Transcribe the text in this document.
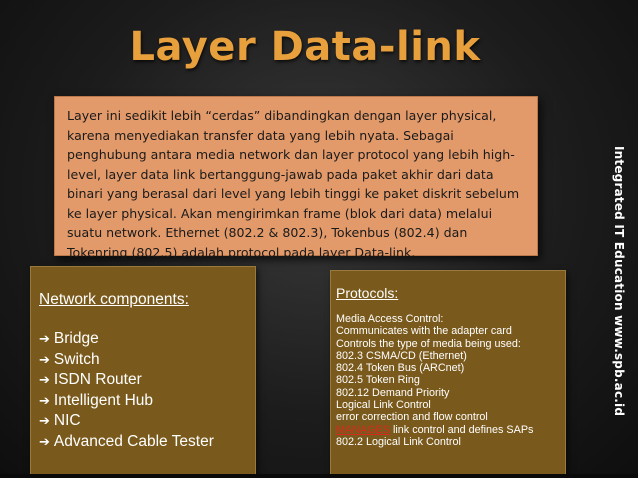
Layer Data-link
Layer ini sedikit lebih “cerdas” dibandingkan dengan layer physical, karena menyediakan transfer data yang lebih nyata. Sebagai penghubung antara media network dan layer protocol yang lebih high-level, layer data link bertanggung-jawab pada paket akhir dari data binari yang berasal dari level yang lebih tinggi ke paket diskrit sebelum ke layer physical. Akan mengirimkan frame (blok dari data) melalui suatu network. Ethernet (802.2 & 802.3), Tokenbus (802.4) dan Tokenring (802.5) adalah protocol pada layer Data-link.
Network components:
➔ Bridge
➔ Switch
➔ ISDN Router
➔ Intelligent Hub
➔ NIC
➔ Advanced Cable Tester
Protocols:
Media Access Control:
Communicates with the adapter card
Controls the type of media being used:
802.3 CSMA/CD (Ethernet)
802.4 Token Bus (ARCnet)
802.5 Token Ring
802.12 Demand Priority
Logical Link Control
error correction and flow control
MANAGES link control and defines SAPs
802.2 Logical Link Control
Integrated IT Education www.spb.ac.id
